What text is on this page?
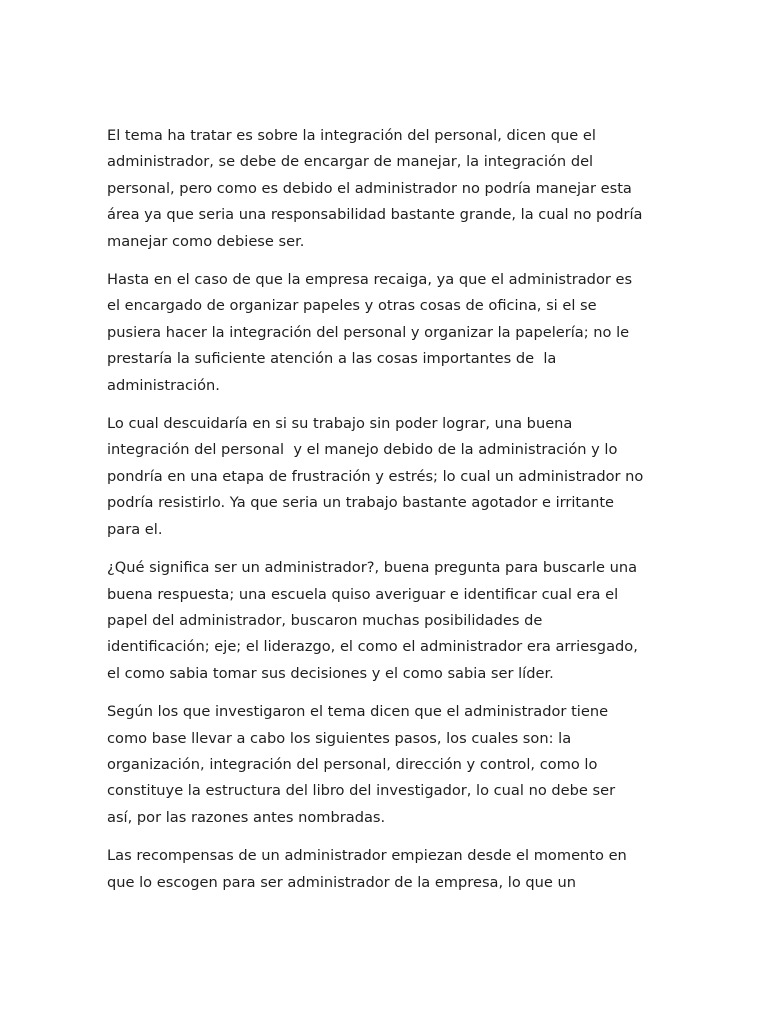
El tema ha tratar es sobre la integración del personal, dicen que el
administrador, se debe de encargar de manejar, la integración del
personal, pero como es debido el administrador no podría manejar esta
área ya que seria una responsabilidad bastante grande, la cual no podría
manejar como debiese ser.

Hasta en el caso de que la empresa recaiga, ya que el administrador es
el encargado de organizar papeles y otras cosas de oficina, si el se
pusiera hacer la integración del personal y organizar la papelería; no le
prestaría la suficiente atención a las cosas importantes de  la
administración.

Lo cual descuidaría en si su trabajo sin poder lograr, una buena
integración del personal  y el manejo debido de la administración y lo
pondría en una etapa de frustración y estrés; lo cual un administrador no
podría resistirlo. Ya que seria un trabajo bastante agotador e irritante
para el.

¿Qué significa ser un administrador?, buena pregunta para buscarle una
buena respuesta; una escuela quiso averiguar e identificar cual era el
papel del administrador, buscaron muchas posibilidades de
identificación; eje; el liderazgo, el como el administrador era arriesgado,
el como sabia tomar sus decisiones y el como sabia ser líder.

Según los que investigaron el tema dicen que el administrador tiene
como base llevar a cabo los siguientes pasos, los cuales son: la
organización, integración del personal, dirección y control, como lo
constituye la estructura del libro del investigador, lo cual no debe ser
así, por las razones antes nombradas.

Las recompensas de un administrador empiezan desde el momento en
que lo escogen para ser administrador de la empresa, lo que un
